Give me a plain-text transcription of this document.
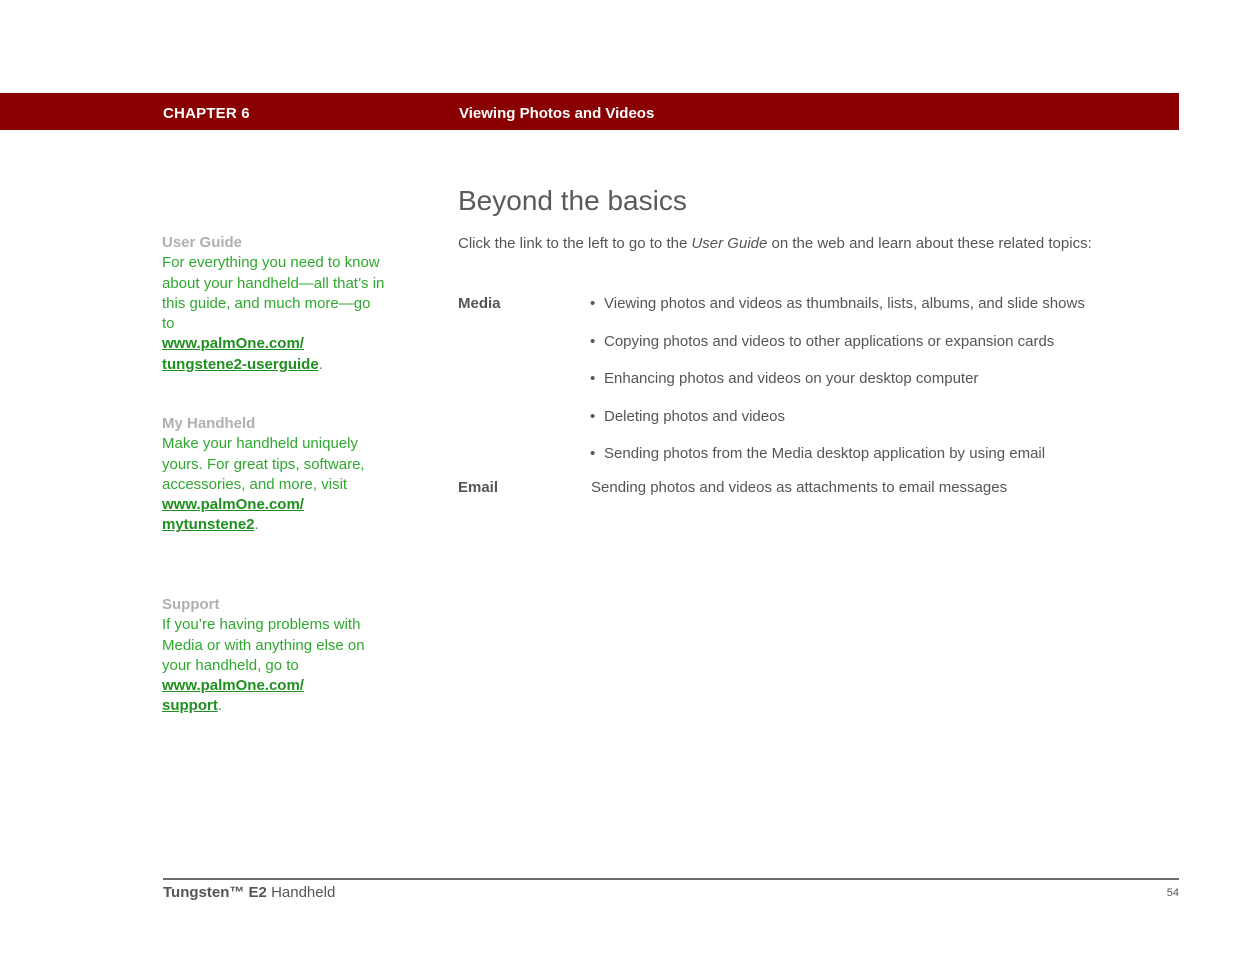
CHAPTER 6	Viewing Photos and Videos
User Guide
For everything you need to know about your handheld—all that’s in this guide, and much more—go to
www.palmOne.com/
tungstene2-userguide.
My Handheld
Make your handheld uniquely yours. For great tips, software, accessories, and more, visit
www.palmOne.com/
mytunstene2.
Support
If you’re having problems with Media or with anything else on your handheld, go to
www.palmOne.com/
support.
Beyond the basics
Click the link to the left to go to the User Guide on the web and learn about these related topics:
Media	• Viewing photos and videos as thumbnails, lists, albums, and slide shows
• Copying photos and videos to other applications or expansion cards
• Enhancing photos and videos on your desktop computer
• Deleting photos and videos
• Sending photos from the Media desktop application by using email
Email	Sending photos and videos as attachments to email messages
Tungsten™ E2 Handheld	54
